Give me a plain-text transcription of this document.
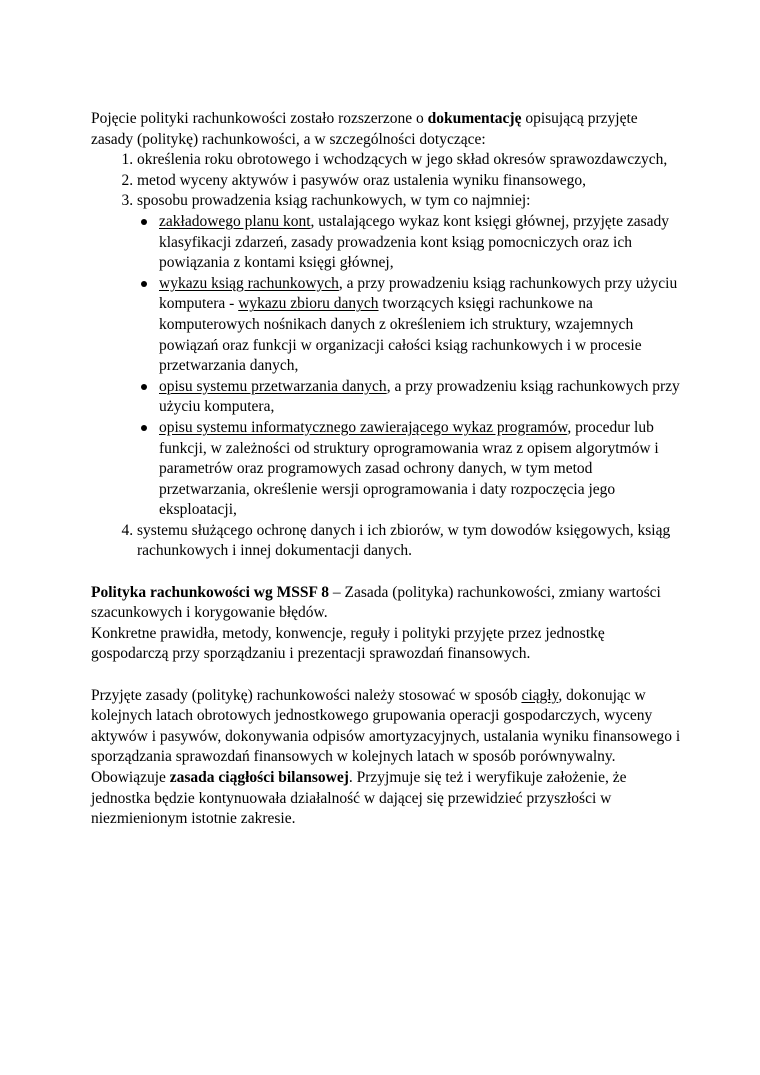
Pojęcie polityki rachunkowości zostało rozszerzone o dokumentację opisującą przyjęte zasady (politykę) rachunkowości, a w szczególności dotyczące:

1. określenia roku obrotowego i wchodzących w jego skład okresów sprawozdawczych,
2. metod wyceny aktywów i pasywów oraz ustalenia wyniku finansowego,
3. sposobu prowadzenia ksiąg rachunkowych, w tym co najmniej:
zakładowego planu kont, ustalającego wykaz kont księgi głównej, przyjęte zasady klasyfikacji zdarzeń, zasady prowadzenia kont ksiąg pomocniczych oraz ich powiązania z kontami księgi głównej,
wykazu ksiąg rachunkowych, a przy prowadzeniu ksiąg rachunkowych przy użyciu komputera - wykazu zbioru danych tworzących księgi rachunkowe na komputerowych nośnikach danych z określeniem ich struktury, wzajemnych powiązań oraz funkcji w organizacji całości ksiąg rachunkowych i w procesie przetwarzania danych,
opisu systemu przetwarzania danych, a przy prowadzeniu ksiąg rachunkowych przy użyciu komputera,
opisu systemu informatycznego zawierającego wykaz programów, procedur lub funkcji, w zależności od struktury oprogramowania wraz z opisem algorytmów i parametrów oraz programowych zasad ochrony danych, w tym metod przetwarzania, określenie wersji oprogramowania i daty rozpoczęcia jego eksploatacji,
4. systemu służącego ochronę danych i ich zbiorów, w tym dowodów księgowych, ksiąg rachunkowych i innej dokumentacji danych.

Polityka rachunkowości wg MSSF 8 – Zasada (polityka) rachunkowości, zmiany wartości szacunkowych i korygowanie błędów.

Konkretne prawidła, metody, konwencje, reguły i polityki przyjęte przez jednostkę gospodarczą przy sporządzaniu i prezentacji sprawozdań finansowych.

Przyjęte zasady (politykę) rachunkowości należy stosować w sposób ciągły, dokonując w kolejnych latach obrotowych jednostkowego grupowania operacji gospodarczych, wyceny aktywów i pasywów, dokonywania odpisów amortyzacyjnych, ustalania wyniku finansowego i sporządzania sprawozdań finansowych w kolejnych latach w sposób porównywalny.

Obowiązuje zasada ciągłości bilansowej. Przyjmuje się też i weryfikuje założenie, że jednostka będzie kontynuowała działalność w dającej się przewidzieć przyszłości w niezmienionym istotnie zakresie.
